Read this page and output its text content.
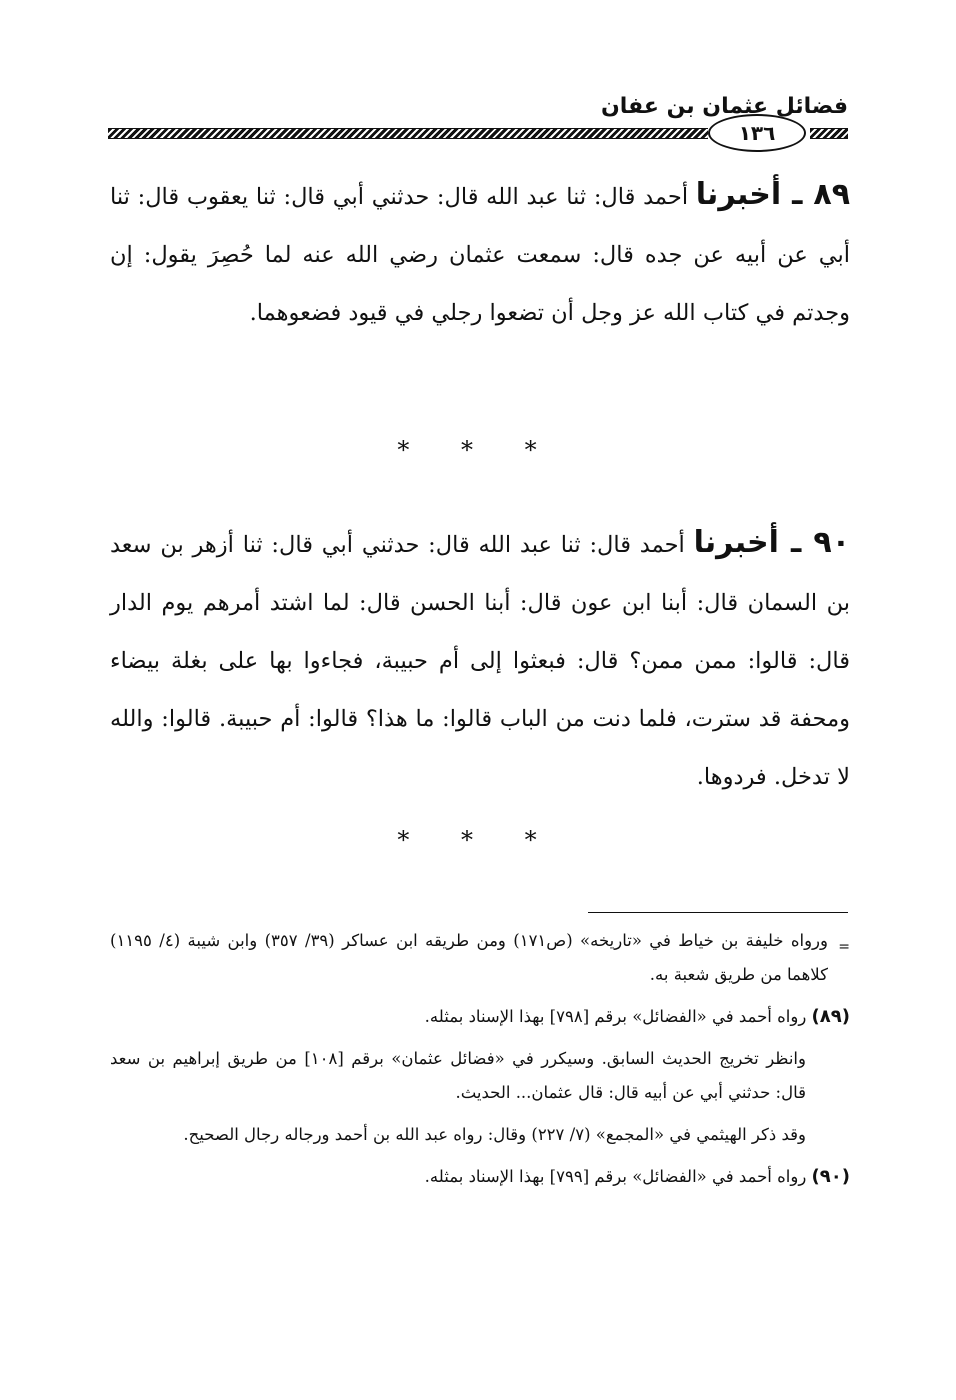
١٣٦
فضائل عثمان بن عفان
٨٩ ـ أخبرنا أحمد قال: ثنا عبد الله قال: حدثني أبي قال: ثنا يعقوب قال: ثنا أبي عن أبيه عن جده قال: سمعت عثمان رضي الله عنه لما حُصِرَ يقول: إن وجدتم في كتاب الله عز وجل أن تضعوا رجلي في قيود فضعوهما.
* * *
٩٠ ـ أخبرنا أحمد قال: ثنا عبد الله قال: حدثني أبي قال: ثنا أزهر بن سعد بن السمان قال: أبنا ابن عون قال: أبنا الحسن قال: لما اشتد أمرهم يوم الدار قال: قالوا: ممن ممن؟ قال: فبعثوا إلى أم حبيبة، فجاءوا بها على بغلة بيضاء ومحفة قد سترت، فلما دنت من الباب قالوا: ما هذا؟ قالوا: أم حبيبة. قالوا: والله لا تدخل. فردوها.
* * *

=
ورواه خليفة بن خياط في «تاريخه» (ص١٧١) ومن طريقه ابن عساكر (٣٩/ ٣٥٧) وابن شيبة (٤/ ١١٩٥) كلاهما من طريق شعبة به.

(٨٩) رواه أحمد في «الفضائل» برقم [٧٩٨] بهذا الإسناد بمثله.

وانظر تخريج الحديث السابق. وسيكرر في «فضائل عثمان» برقم [١٠٨] من طريق إبراهيم بن سعد قال: حدثني أبي عن أبيه قال: قال عثمان... الحديث.

وقد ذكر الهيثمي في «المجمع» (٧/ ٢٢٧) وقال: رواه عبد الله بن أحمد ورجاله رجال الصحيح.

(٩٠) رواه أحمد في «الفضائل» برقم [٧٩٩] بهذا الإسناد بمثله.
